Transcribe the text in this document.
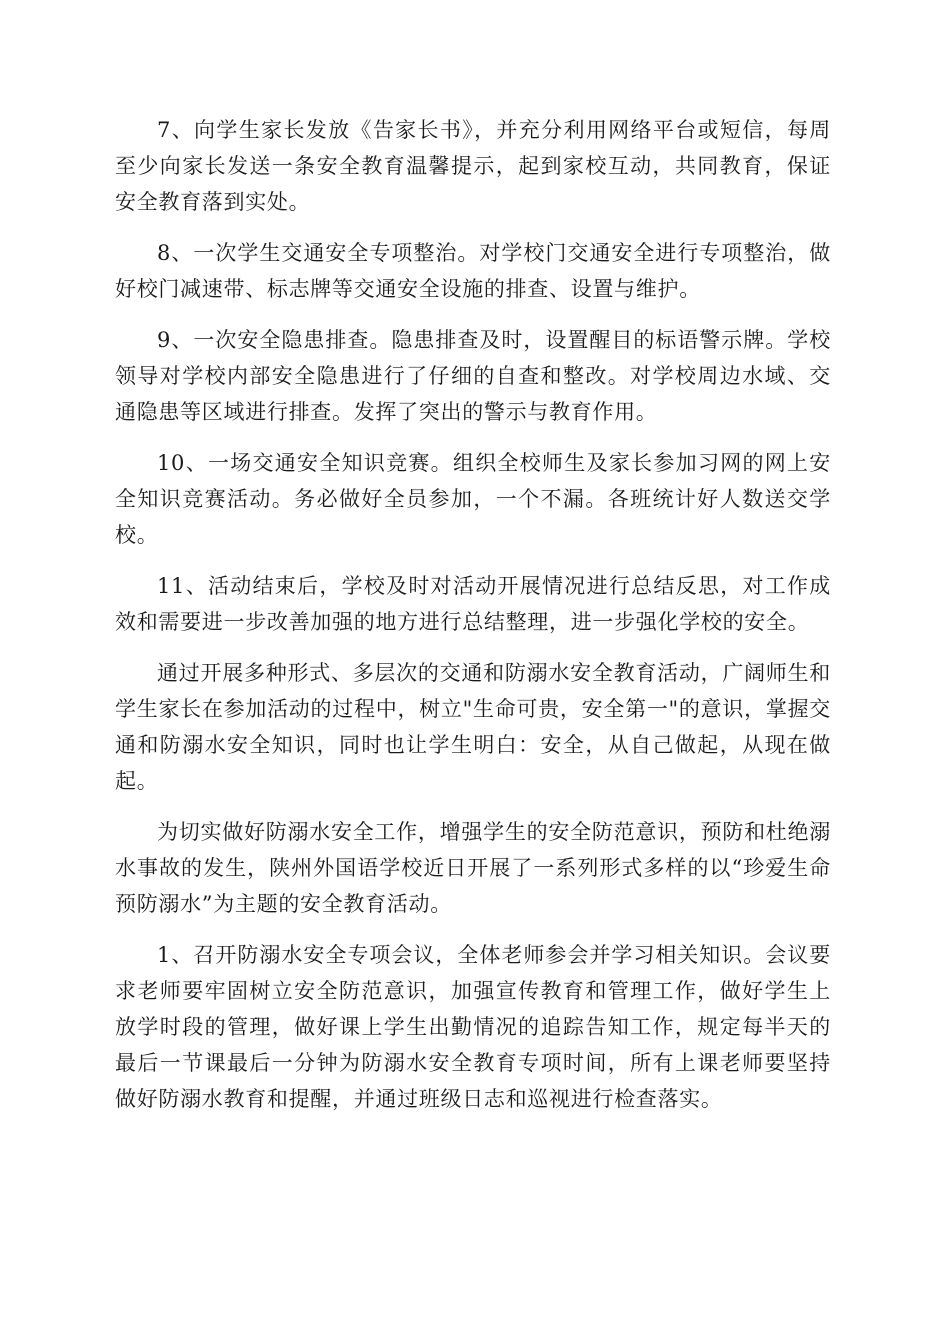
7、向学生家长发放《告家长书》，并充分利用网络平台或短信，每周至少向家长发送一条安全教育温馨提示，起到家校互动，共同教育，保证安全教育落到实处。

8、一次学生交通安全专项整治。对学校门交通安全进行专项整治，做好校门减速带、标志牌等交通安全设施的排查、设置与维护。

9、一次安全隐患排查。隐患排查及时，设置醒目的标语警示牌。学校领导对学校内部安全隐患进行了仔细的自查和整改。对学校周边水域、交通隐患等区域进行排查。发挥了突出的警示与教育作用。

10、一场交通安全知识竞赛。组织全校师生及家长参加习网的网上安全知识竞赛活动。务必做好全员参加，一个不漏。各班统计好人数送交学校。

11、活动结束后，学校及时对活动开展情况进行总结反思，对工作成效和需要进一步改善加强的地方进行总结整理，进一步强化学校的安全。

通过开展多种形式、多层次的交通和防溺水安全教育活动，广阔师生和学生家长在参加活动的过程中，树立"生命可贵，安全第一"的意识，掌握交通和防溺水安全知识，同时也让学生明白：安全，从自己做起，从现在做起。

为切实做好防溺水安全工作，增强学生的安全防范意识，预防和杜绝溺水事故的发生，陕州外国语学校近日开展了一系列形式多样的以“珍爱生命预防溺水”为主题的安全教育活动。

1、召开防溺水安全专项会议，全体老师参会并学习相关知识。会议要求老师要牢固树立安全防范意识，加强宣传教育和管理工作，做好学生上放学时段的管理，做好课上学生出勤情况的追踪告知工作，规定每半天的最后一节课最后一分钟为防溺水安全教育专项时间，所有上课老师要坚持做好防溺水教育和提醒，并通过班级日志和巡视进行检查落实。
